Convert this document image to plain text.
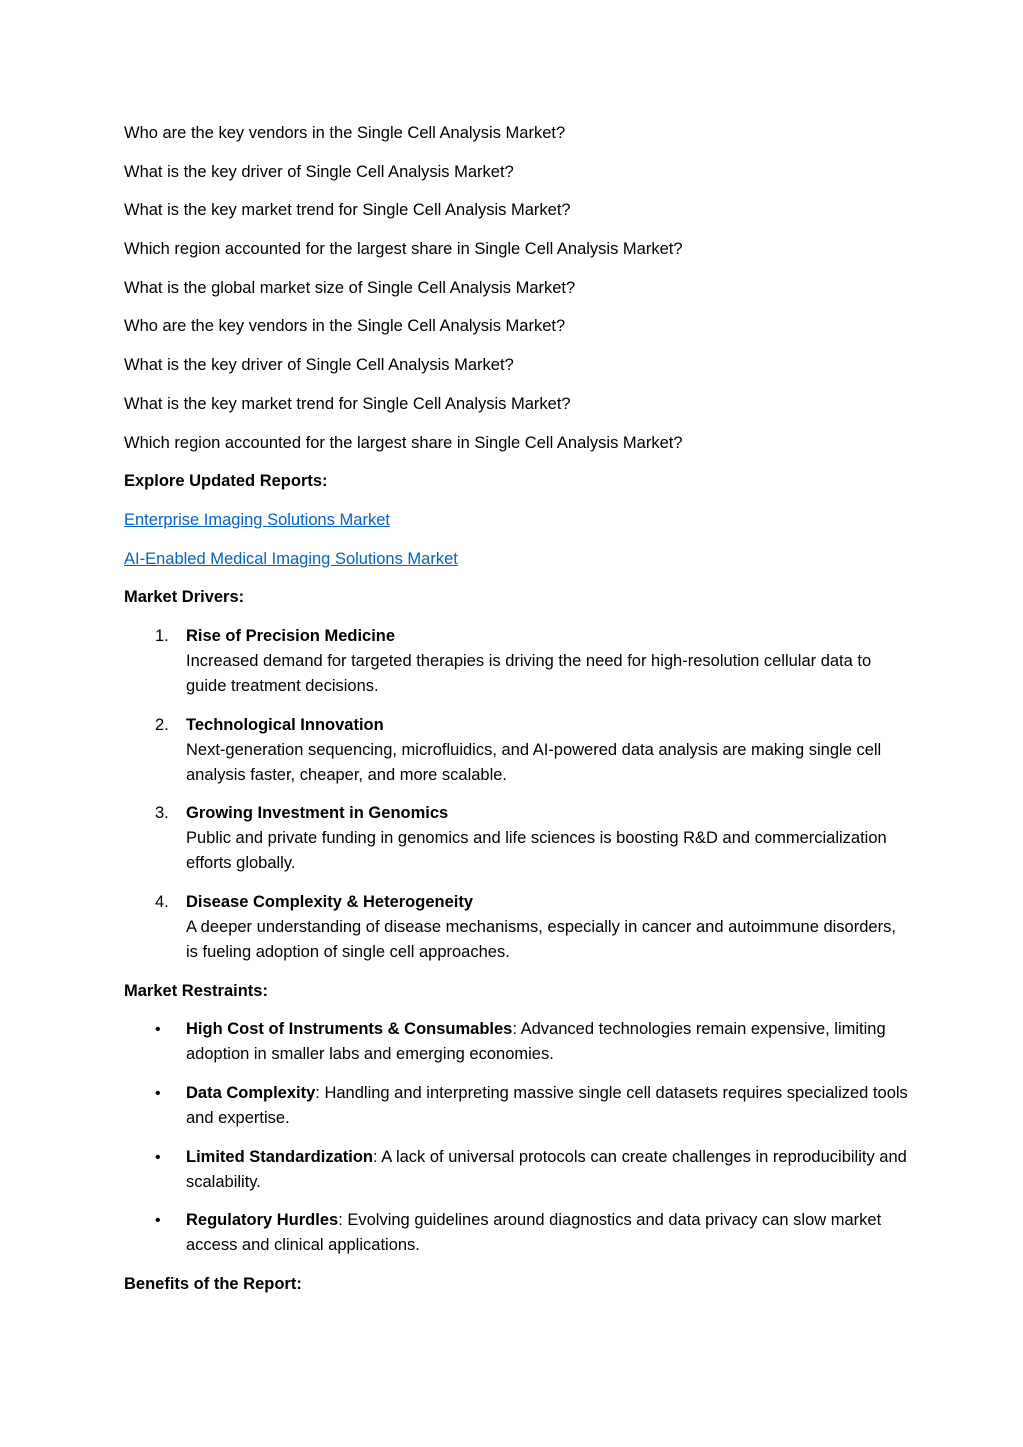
Who are the key vendors in the Single Cell Analysis Market?

What is the key driver of Single Cell Analysis Market?

What is the key market trend for Single Cell Analysis Market?

Which region accounted for the largest share in Single Cell Analysis Market?

What is the global market size of Single Cell Analysis Market?

Who are the key vendors in the Single Cell Analysis Market?

What is the key driver of Single Cell Analysis Market?

What is the key market trend for Single Cell Analysis Market?

Which region accounted for the largest share in Single Cell Analysis Market?

Explore Updated Reports:

Enterprise Imaging Solutions Market

AI-Enabled Medical Imaging Solutions Market

Market Drivers:

1. Rise of Precision Medicine
Increased demand for targeted therapies is driving the need for high-resolution cellular data to guide treatment decisions.
2. Technological Innovation
Next-generation sequencing, microfluidics, and AI-powered data analysis are making single cell analysis faster, cheaper, and more scalable.
3. Growing Investment in Genomics
Public and private funding in genomics and life sciences is boosting R&D and commercialization efforts globally.
4. Disease Complexity & Heterogeneity
A deeper understanding of disease mechanisms, especially in cancer and autoimmune disorders, is fueling adoption of single cell approaches.

Market Restraints:

• High Cost of Instruments & Consumables: Advanced technologies remain expensive, limiting adoption in smaller labs and emerging economies.
• Data Complexity: Handling and interpreting massive single cell datasets requires specialized tools and expertise.
• Limited Standardization: A lack of universal protocols can create challenges in reproducibility and scalability.
• Regulatory Hurdles: Evolving guidelines around diagnostics and data privacy can slow market access and clinical applications.

Benefits of the Report:
